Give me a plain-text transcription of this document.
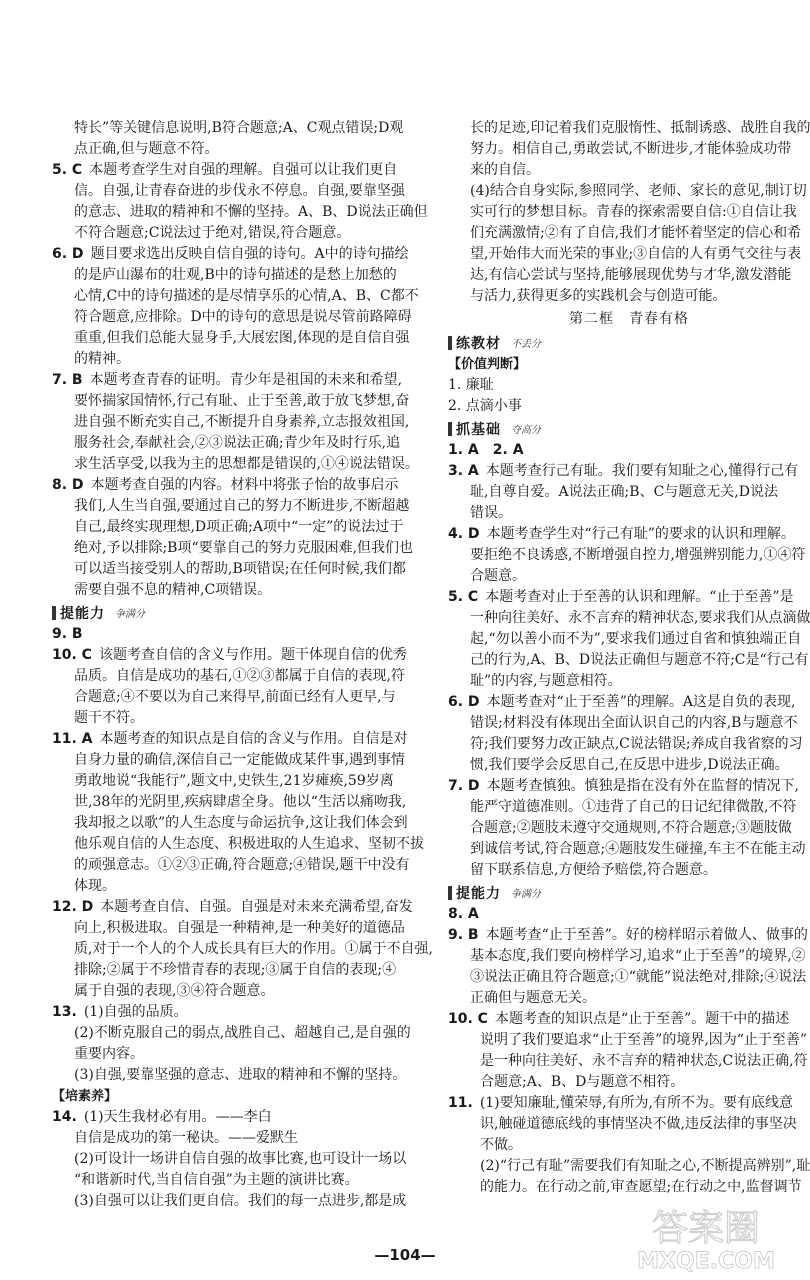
特长”等关键信息说明,B符合题意;A、C观点错误;D观
点正确,但与题意不符。
5. C  本题考查学生对自强的理解。自强可以让我们更自
信。自强,让青春奋进的步伐永不停息。自强,要靠坚强
的意志、进取的精神和不懈的坚持。A、B、D说法正确但
不符合题意;C说法过于绝对,错误,符合题意。
6. D  题目要求选出反映自信自强的诗句。A中的诗句描绘
的是庐山瀑布的壮观,B中的诗句描述的是愁上加愁的
心情,C中的诗句描述的是尽情享乐的心情,A、B、C都不
符合题意,应排除。D中的诗句的意思是说尽管前路障碍
重重,但我们总能大显身手,大展宏图,体现的是自信自强
的精神。
7. B  本题考查青春的证明。青少年是祖国的未来和希望,
要怀揣家国情怀,行己有耻、止于至善,敢于放飞梦想,奋
进自强不断充实自己,不断提升自身素养,立志报效祖国,
服务社会,奉献社会,②③说法正确;青少年及时行乐,追
求生活享受,以我为主的思想都是错误的,①④说法错误。
8. D  本题考查自强的内容。材料中将张子怡的故事启示
我们,人生当自强,要通过自己的努力不断进步,不断超越
自己,最终实现理想,D项正确;A项中“一定”的说法过于
绝对,予以排除;B项“要靠自己的努力克服困难,但我们也
可以适当接受别人的帮助,B项错误;在任何时候,我们都
需要自强不息的精神,C项错误。
提能力 争满分
9. B
10. C  该题考查自信的含义与作用。题干体现自信的优秀
品质。自信是成功的基石,①②③都属于自信的表现,符
合题意;④不要以为自己来得早,前面已经有人更早,与
题干不符。
11. A  本题考查的知识点是自信的含义与作用。自信是对
自身力量的确信,深信自己一定能做成某件事,遇到事情
勇敢地说“我能行”,题文中,史铁生,21岁瘫痪,59岁离
世,38年的光阴里,疾病肆虐全身。他以“生活以痛吻我,
我却报之以歌”的人生态度与命运抗争,这让我们体会到
他乐观自信的人生态度、积极进取的人生追求、坚韧不拔
的顽强意志。①②③正确,符合题意;④错误,题干中没有
体现。
12. D  本题考查自信、自强。自强是对未来充满希望,奋发
向上,积极进取。自强是一种精神,是一种美好的道德品
质,对于一个人的个人成长具有巨大的作用。①属于不自强,
排除;②属于不珍惜青春的表现;③属于自信的表现;④
属于自强的表现,③④符合题意。
13.  (1)自强的品质。
(2)不断克服自己的弱点,战胜自己、超越自己,是自强的
重要内容。
(3)自强,要靠坚强的意志、进取的精神和不懈的坚持。
【培素养】
14.  (1)天生我材必有用。——李白
自信是成功的第一秘诀。——爱默生
(2)可设计一场讲自信自强的故事比赛,也可设计一场以
“和谐新时代,当自信自强”为主题的演讲比赛。
(3)自强可以让我们更自信。我们的每一点进步,都是成
长的足迹,印记着我们克服惰性、抵制诱惑、战胜自我的
努力。相信自己,勇敢尝试,不断进步,才能体验成功带
来的自信。
(4)结合自身实际,参照同学、老师、家长的意见,制订切
实可行的梦想目标。青春的探索需要自信:①自信让我
们充满激情;②有了自信,我们才能怀着坚定的信心和希
望,开始伟大而光荣的事业;③自信的人有勇气交往与表
达,有信心尝试与坚持,能够展现优势与才华,激发潜能
与活力,获得更多的实践机会与创造可能。
第二框　青春有格
练教材 不丢分
【价值判断】
1. 廉耻
2. 点滴小事
抓基础 夺高分
1. A　2. A
3. A  本题考查行己有耻。我们要有知耻之心,懂得行己有
耻,自尊自爱。A说法正确;B、C与题意无关,D说法
错误。
4. D  本题考查学生对“行己有耻”的要求的认识和理解。
要拒绝不良诱惑,不断增强自控力,增强辨别能力,①④符
合题意。
5. C  本题考查对止于至善的认识和理解。“止于至善”是
一种向往美好、永不言弃的精神状态,要求我们从点滴做
起,“勿以善小而不为”,要求我们通过自省和慎独端正自
己的行为,A、B、D说法正确但与题意不符;C是“行己有
耻”的内容,与题意相符。
6. D  本题考查对“止于至善”的理解。A这是自负的表现,
错误;材料没有体现出全面认识自己的内容,B与题意不
符;我们要努力改正缺点,C说法错误;养成自我省察的习
惯,我们要学会反思自己,在反思中进步,D说法正确。
7. D  本题考查慎独。慎独是指在没有外在监督的情况下,
能严守道德准则。①违背了自己的日记纪律微散,不符
合题意;②题肢未遵守交通规则,不符合题意;③题肢做
到诚信考试,符合题意;④题肢发生碰撞,车主不在能主动
留下联系信息,方便给予赔偿,符合题意。
提能力 争满分
8. A
9. B  本题考查“止于至善”。好的榜样昭示着做人、做事的
基本态度,我们要向榜样学习,追求“止于至善”的境界,②
③说法正确且符合题意;①“就能”说法绝对,排除;④说法
正确但与题意无关。
10. C  本题考查的知识点是“止于至善”。题干中的描述
说明了我们要追求“止于至善”的境界,因为“止于至善”
是一种向往美好、永不言弃的精神状态,C说法正确,符
合题意;A、B、D与题意不相符。
11.  (1)要知廉耻,懂荣辱,有所为,有所不为。要有底线意
识,触碰道德底线的事情坚决不做,违反法律的事坚决
不做。
(2)“行己有耻”需要我们有知耻之心,不断提高辨别”,耻
的能力。在行动之前,审查愿望;在行动之中,监督调节
—104—
答案圈
MXQE.COM
